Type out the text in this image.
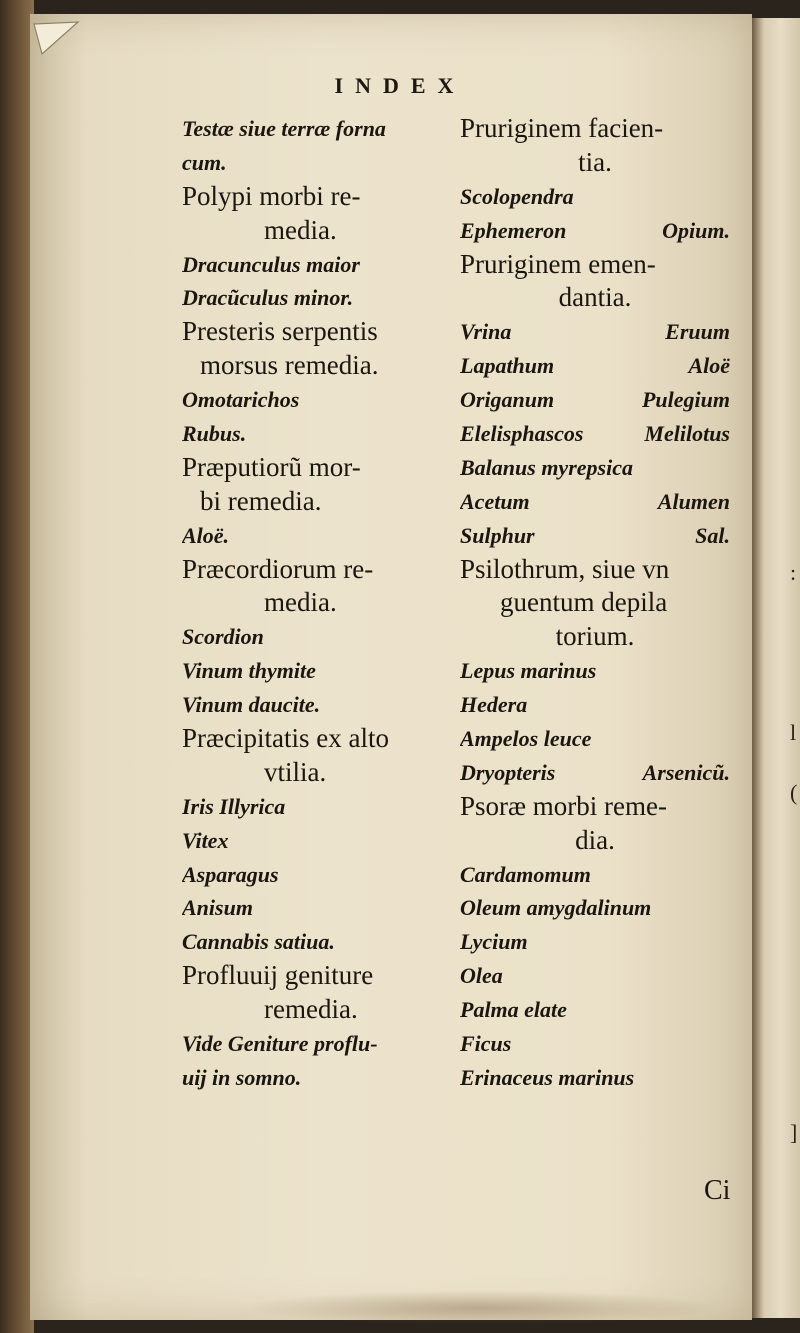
:
l
(
]
INDEX
Testæ siue terræ forna
cum.
Polypi morbi re-
media.
Dracunculus maior
Dracũculus minor.
Presteris serpentis
morsus remedia.
Omotarichos
Rubus.
Præputiorũ mor-
bi remedia.
Aloë.
Præcordiorum re-
media.
Scordion
Vinum thymite
Vinum daucite.
Præcipitatis ex alto
vtilia.
Iris Illyrica
Vitex
Asparagus
Anisum
Cannabis satiua.
Profluuij geniture
remedia.
Vide Geniture proflu-
uij in somno.
Pruriginem facien-
tia.
Scolopendra
Ephemeron	Opium.
Pruriginem emen-
dantia.
Vrina	Eruum
Lapathum	Aloë
Origanum	Pulegium
Elelisphascos	Melilotus
Balanus myrepsica
Acetum	Alumen
Sulphur	Sal.
Psilothrum, siue vn
guentum depila
torium.
Lepus marinus
Hedera
Ampelos leuce
Dryopteris	Arsenicũ.
Psoræ morbi reme-
dia.
Cardamomum
Oleum amygdalinum
Lycium
Olea
Palma elate
Ficus
Erinaceus marinus
Ci
